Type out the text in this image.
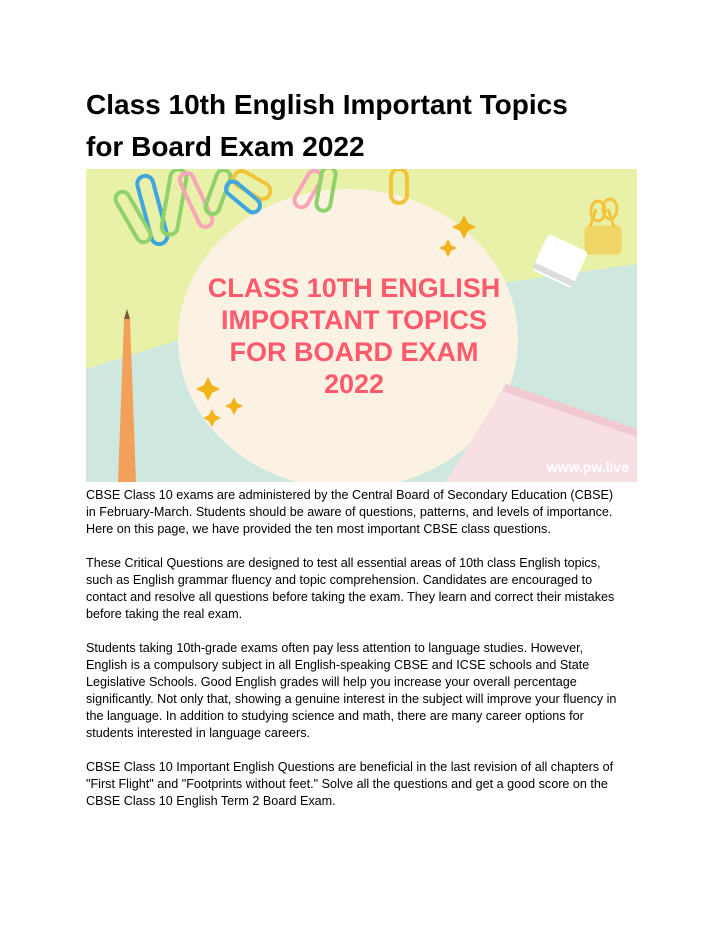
Class 10th English Important Topics
for Board Exam 2022
CLASS 10TH ENGLISH
IMPORTANT TOPICS
FOR BOARD EXAM
2022
www.pw.live

CBSE Class 10 exams are administered by the Central Board of Secondary Education (CBSE)
in February-March. Students should be aware of questions, patterns, and levels of importance.
Here on this page, we have provided the ten most important CBSE class questions.

These Critical Questions are designed to test all essential areas of 10th class English topics,
such as English grammar fluency and topic comprehension. Candidates are encouraged to
contact and resolve all questions before taking the exam. They learn and correct their mistakes
before taking the real exam.

Students taking 10th-grade exams often pay less attention to language studies. However,
English is a compulsory subject in all English-speaking CBSE and ICSE schools and State
Legislative Schools. Good English grades will help you increase your overall percentage
significantly. Not only that, showing a genuine interest in the subject will improve your fluency in
the language. In addition to studying science and math, there are many career options for
students interested in language careers.

CBSE Class 10 Important English Questions are beneficial in the last revision of all chapters of
"First Flight" and "Footprints without feet." Solve all the questions and get a good score on the
CBSE Class 10 English Term 2 Board Exam.
